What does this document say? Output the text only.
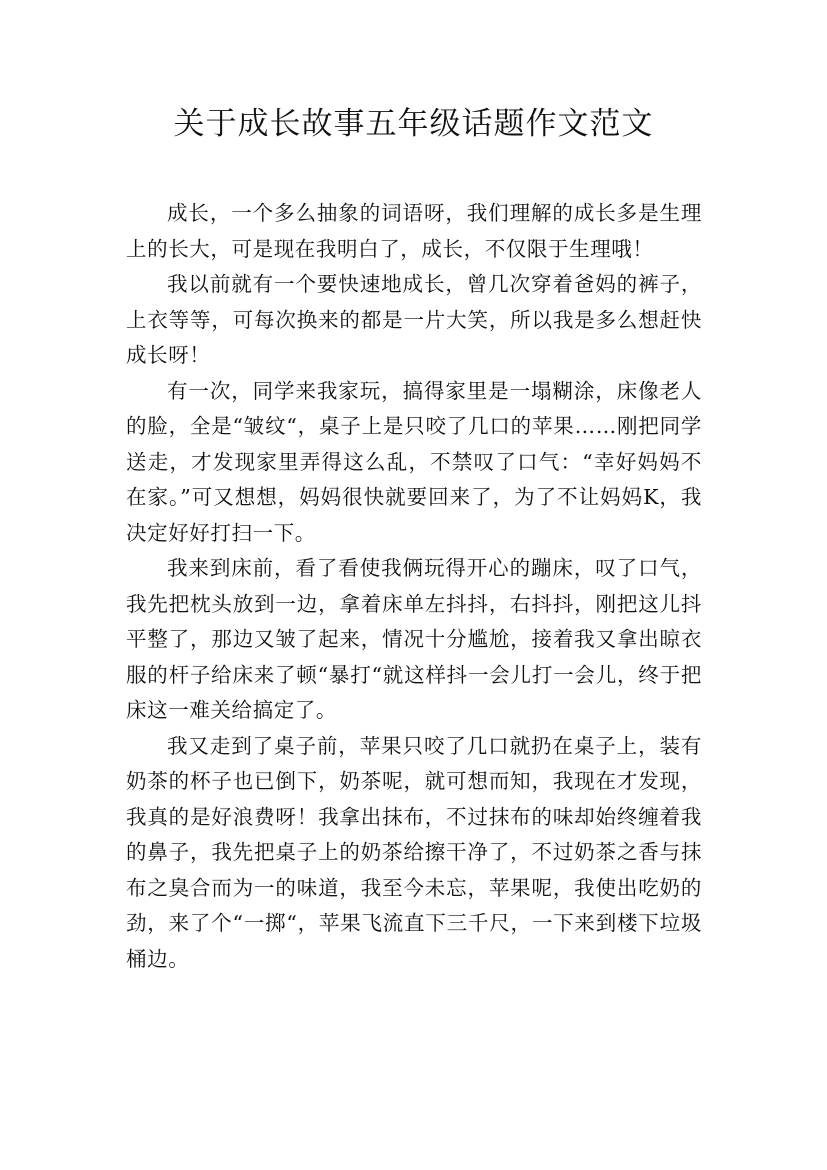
关于成长故事五年级话题作文范文

成长，一个多么抽象的词语呀，我们理解的成长多是生理上的长大，可是现在我明白了，成长，不仅限于生理哦！

我以前就有一个要快速地成长，曾几次穿着爸妈的裤子，上衣等等，可每次换来的都是一片大笑，所以我是多么想赶快成长呀！

有一次，同学来我家玩，搞得家里是一塌糊涂，床像老人的脸，全是“皱纹“，桌子上是只咬了几口的苹果……刚把同学送走，才发现家里弄得这么乱，不禁叹了口气：“幸好妈妈不在家。”可又想想，妈妈很快就要回来了，为了不让妈妈K，我决定好好打扫一下。

我来到床前，看了看使我俩玩得开心的蹦床，叹了口气，我先把枕头放到一边，拿着床单左抖抖，右抖抖，刚把这儿抖平整了，那边又皱了起来，情况十分尴尬，接着我又拿出晾衣服的杆子给床来了顿“暴打“就这样抖一会儿打一会儿，终于把床这一难关给搞定了。

我又走到了桌子前，苹果只咬了几口就扔在桌子上，装有奶茶的杯子也已倒下，奶茶呢，就可想而知，我现在才发现，我真的是好浪费呀！我拿出抹布，不过抹布的味却始终缠着我的鼻子，我先把桌子上的奶茶给擦干净了，不过奶茶之香与抹布之臭合而为一的味道，我至今未忘，苹果呢，我使出吃奶的劲，来了个“一掷“，苹果飞流直下三千尺，一下来到楼下垃圾桶边。
